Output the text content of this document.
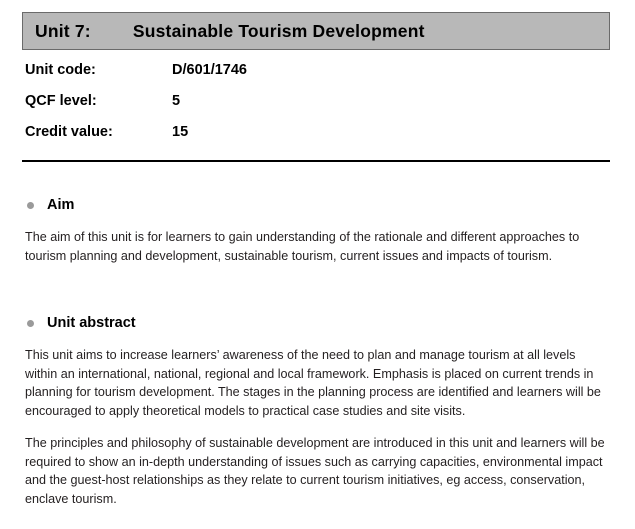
Unit 7: Sustainable Tourism Development
Unit code:	D/601/1746
QCF level:	5
Credit value:	15
Aim

The aim of this unit is for learners to gain understanding of the rationale and different approaches to tourism planning and development, sustainable tourism, current issues and impacts of tourism.

Unit abstract

This unit aims to increase learners’ awareness of the need to plan and manage tourism at all levels within an international, national, regional and local framework. Emphasis is placed on current trends in planning for tourism development. The stages in the planning process are identified and learners will be encouraged to apply theoretical models to practical case studies and site visits.

The principles and philosophy of sustainable development are introduced in this unit and learners will be required to show an in-depth understanding of issues such as carrying capacities, environmental impact and the guest-host relationships as they relate to current tourism initiatives, eg access, conservation, enclave tourism.
